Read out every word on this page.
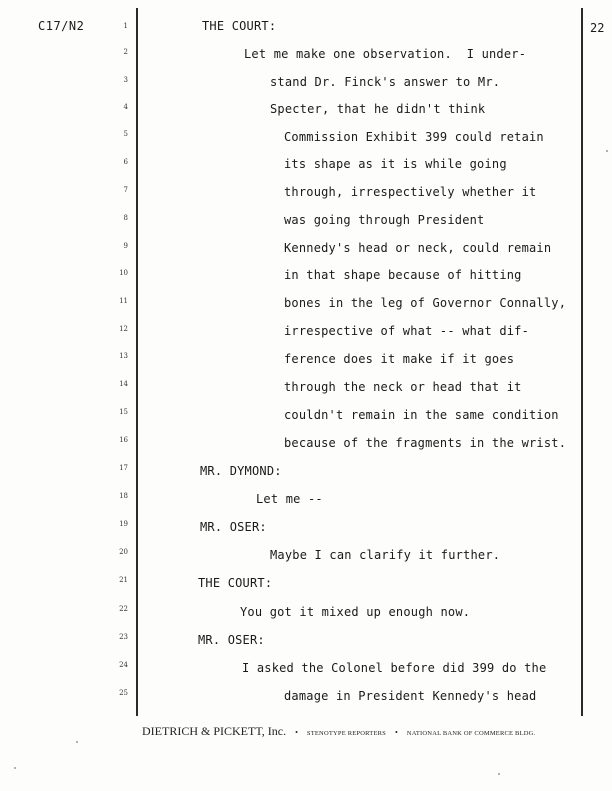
C17/N2	22
1
2
3
4
5
6
7
8
9
10
11
12
13
14
15
16
17
18
19
20
21
22
23
24
25
THE COURT:
Let me make one observation.  I under-
stand Dr. Finck's answer to Mr.
Specter, that he didn't think
Commission Exhibit 399 could retain
its shape as it is while going
through, irrespectively whether it
was going through President
Kennedy's head or neck, could remain
in that shape because of hitting
bones in the leg of Governor Connally,
irrespective of what -- what dif-
ference does it make if it goes
through the neck or head that it
couldn't remain in the same condition
because of the fragments in the wrist.
MR. DYMOND:
Let me --
MR. OSER:
Maybe I can clarify it further.
THE COURT:
You got it mixed up enough now.
MR. OSER:
I asked the Colonel before did 399 do the
damage in President Kennedy's head
DIETRICH & PICKETT, Inc. • STENOTYPE REPORTERS • NATIONAL BANK OF COMMERCE BLDG.
